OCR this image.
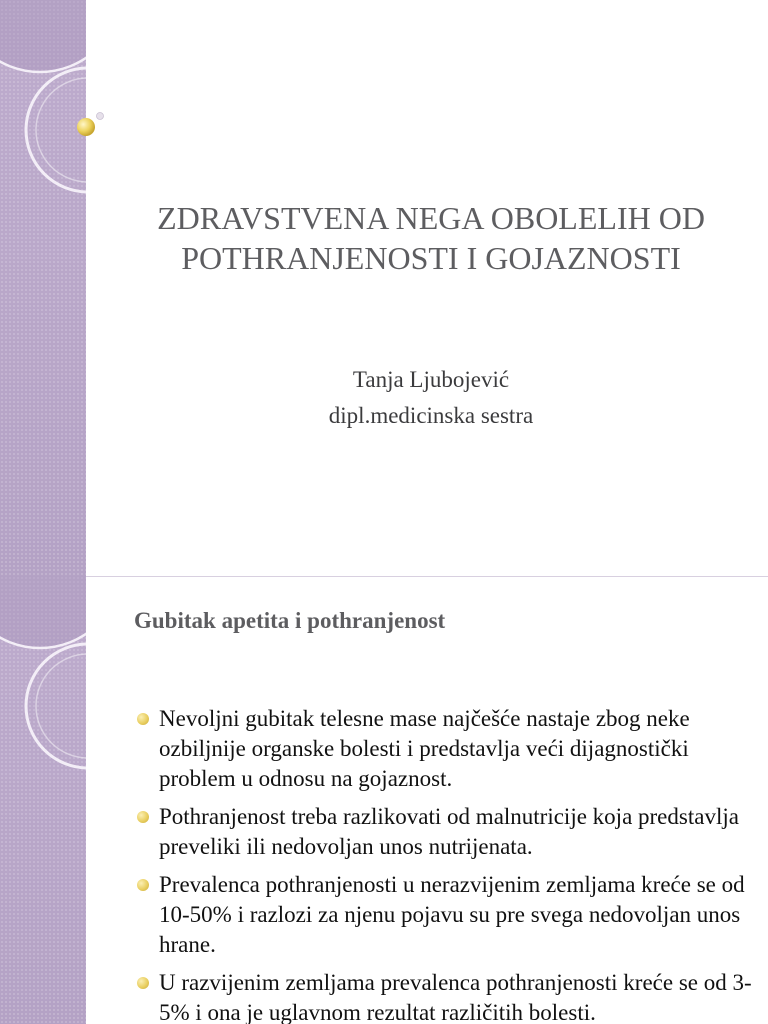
ZDRAVSTVENA NEGA OBOLELIH OD POTHRANJENOSTI I GOJAZNOSTI
Tanja Ljubojević
dipl.medicinska sestra
Gubitak apetita i pothranjenost
Nevoljni gubitak telesne mase najčešće nastaje zbog neke ozbiljnije organske bolesti i predstavlja veći dijagnostički problem u odnosu na gojaznost.
Pothranjenost treba razlikovati od malnutricije koja predstavlja preveliki ili nedovoljan unos nutrijenata.
Prevalenca pothranjenosti u nerazvijenim zemljama kreće se od 10-50% i razlozi za njenu pojavu su pre svega nedovoljan unos hrane.
U razvijenim zemljama prevalenca pothranjenosti kreće se od 3-5% i ona je uglavnom rezultat različitih bolesti.
